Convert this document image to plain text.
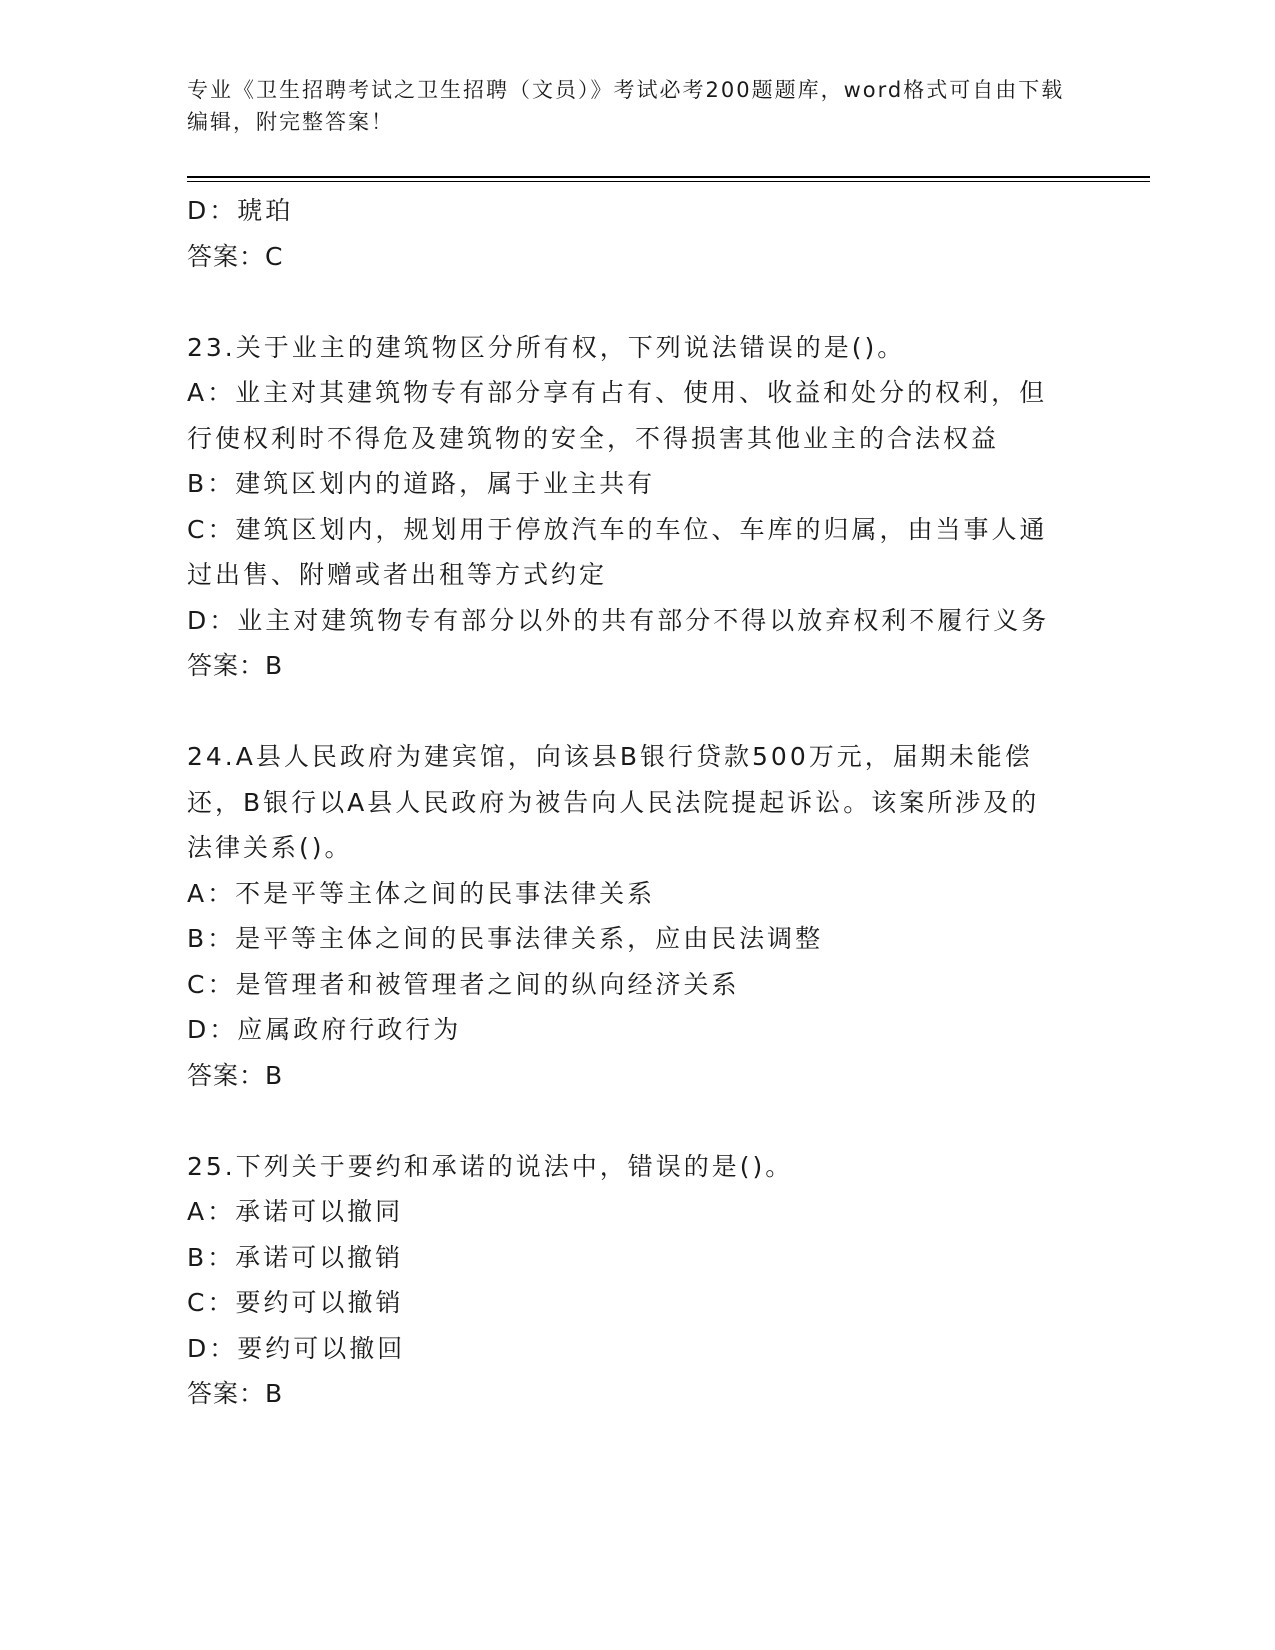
专业《卫生招聘考试之卫生招聘（文员）》考试必考200题题库，word格式可自由下载编辑，附完整答案！

D：琥珀

答案：C

23.关于业主的建筑物区分所有权，下列说法错误的是()。

A：业主对其建筑物专有部分享有占有、使用、收益和处分的权利，但

行使权利时不得危及建筑物的安全，不得损害其他业主的合法权益

B：建筑区划内的道路，属于业主共有

C：建筑区划内，规划用于停放汽车的车位、车库的归属，由当事人通

过出售、附赠或者出租等方式约定

D：业主对建筑物专有部分以外的共有部分不得以放弃权利不履行义务

答案：B

24.A县人民政府为建宾馆，向该县B银行贷款500万元，届期未能偿

还，B银行以A县人民政府为被告向人民法院提起诉讼。该案所涉及的

法律关系()。

A：不是平等主体之间的民事法律关系

B：是平等主体之间的民事法律关系，应由民法调整

C：是管理者和被管理者之间的纵向经济关系

D：应属政府行政行为

答案：B

25.下列关于要约和承诺的说法中，错误的是()。

A：承诺可以撤同

B：承诺可以撤销

C：要约可以撤销

D：要约可以撤回

答案：B
